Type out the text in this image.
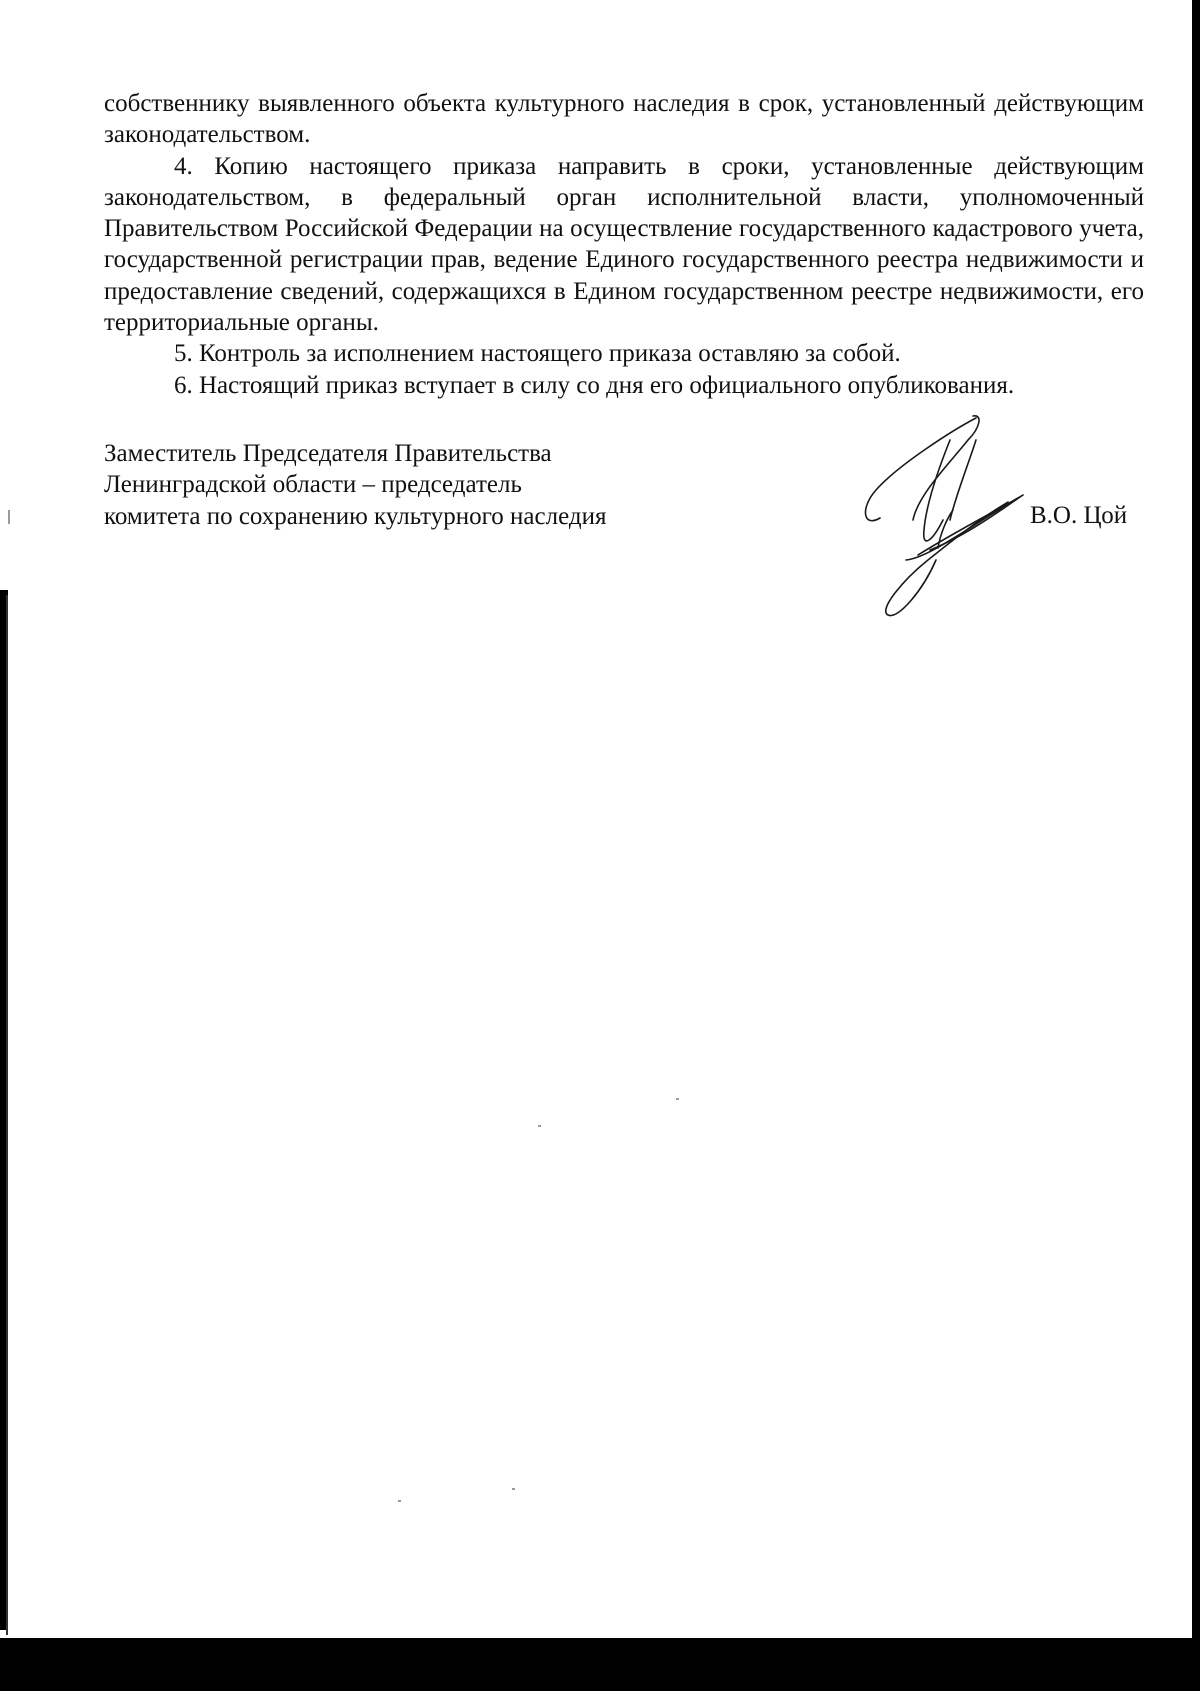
собственнику выявленного объекта культурного наследия в срок, установленный действующим законодательством.

4. Копию настоящего приказа направить в сроки, установленные действующим законодательством, в федеральный орган исполнительной власти, уполномоченный Правительством Российской Федерации на осуществление государственного кадастрового учета, государственной регистрации прав, ведение Единого государственного реестра недвижимости и предоставление сведений, содержащихся в Едином государственном реестре недвижимости, его территориальные органы.

5. Контроль за исполнением настоящего приказа оставляю за собой.

6. Настоящий приказ вступает в силу со дня его официального опубликования.

Заместитель Председателя Правительства
Ленинградской области – председатель
комитета по сохранению культурного наследия	В.О. Цой
